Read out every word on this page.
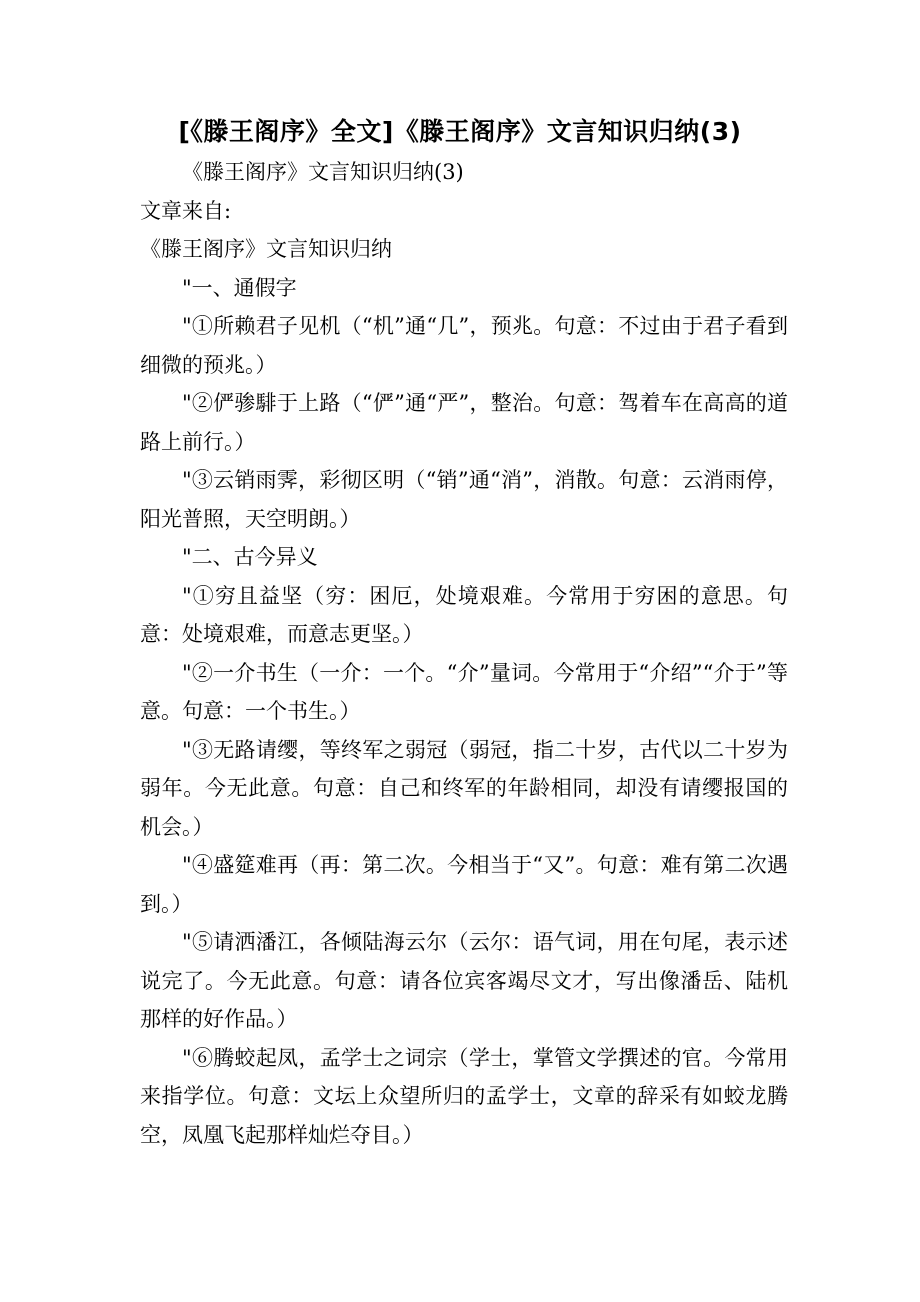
[《滕王阁序》全文]《滕王阁序》文言知识归纳(3)

《滕王阁序》文言知识归纳(3)

文章来自:

《滕王阁序》文言知识归纳

"一、通假字

"①所赖君子见机（“机”通“几”，预兆。句意：不过由于君子看到细微的预兆。）

"②俨骖騑于上路（“俨”通“严”，整治。句意：驾着车在高高的道路上前行。）

"③云销雨霁，彩彻区明（“销”通“消”，消散。句意：云消雨停，阳光普照，天空明朗。）

"二、古今异义

"①穷且益坚（穷：困厄，处境艰难。今常用于穷困的意思。句意：处境艰难，而意志更坚。）

"②一介书生（一介：一个。“介”量词。今常用于“介绍”“介于”等意。句意：一个书生。）

"③无路请缨，等终军之弱冠（弱冠，指二十岁，古代以二十岁为弱年。今无此意。句意：自己和终军的年龄相同，却没有请缨报国的机会。）

"④盛筵难再（再：第二次。今相当于“又”。句意：难有第二次遇到。）

"⑤请洒潘江，各倾陆海云尔（云尔：语气词，用在句尾，表示述说完了。今无此意。句意：请各位宾客竭尽文才，写出像潘岳、陆机那样的好作品。）

"⑥腾蛟起凤，孟学士之词宗（学士，掌管文学撰述的官。今常用来指学位。句意：文坛上众望所归的孟学士，文章的辞采有如蛟龙腾空，凤凰飞起那样灿烂夺目。）
